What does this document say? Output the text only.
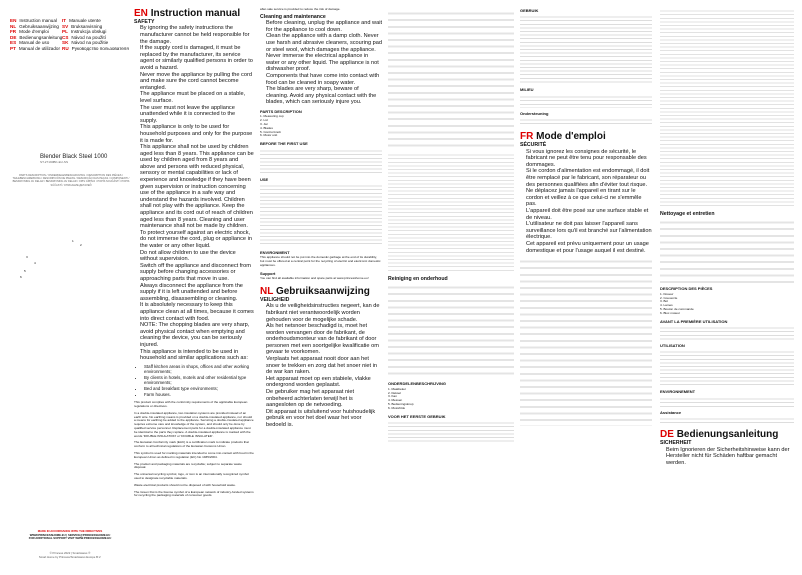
EN Instruction manual IT Manuale utente
NL Gebruiksaanwijzing SV Bruksanvisning
FR Mode d'emploi	PL Instrukcja obsługi
DE Bedienungsanleitung CS Návod na použití
ES Manual de uso	SK Návod na použitie
PT Manual de utilizador RU Руководство пользователя
Blender Black Steel 1000
ST-27190BK-EU-SS
PARTS DESCRIPTION / ONDERDELENBESCHRIJVING / DESCRIPTION DES PIÈCES / TEILEBESCHREIBUNG / DESCRIPCIÓN DE PIEZAS / DESCRIÇÃO DAS PEÇAS / COMPONENTI / BESKRIVNING AV DELAR / BESKRIVNING AV DELAR / OPIS CZĘŚCI / POPIS SOUČÁSTÍ / POPIS SÚČASTÍ / ОПИСАНИЕ ДЕТАЛЕЙ
1
2
3
4
5
6
MADE IN ACCORDANCE WITH THE DIRECTIVES
WWW.PRINCESSHOME.EU | SERVICE@PRINCESSHOME.EU
FOR ADDITIONAL SUPPORT VISIT WWW.PRINCESSHOME.EU
© Princess 2022 | Smartwares ®
Smart Home by Princess/Smartwares Europe B.V.
EN Instruction manual
SAFETY
• By ignoring the safety instructions the manufacturer cannot be held responsible for the damage.
• If the supply cord is damaged, it must be replaced by the manufacturer, its service agent or similarly qualified persons in order to avoid a hazard.
• Never move the appliance by pulling the cord and make sure the cord cannot become entangled.
• The appliance must be placed on a stable, level surface.
• The user must not leave the appliance unattended while it is connected to the supply.
• This appliance is only to be used for household purposes and only for the purpose it is made for.
• This appliance shall not be used by children aged less than 8 years. This appliance can be used by children aged from 8 years and above and persons with reduced physical, sensory or mental capabilities or lack of experience and knowledge if they have been given supervision or instruction concerning use of the appliance in a safe way and understand the hazards involved. Children shall not play with the appliance. Keep the appliance and its cord out of reach of children aged less than 8 years. Cleaning and user maintenance shall not be made by children.
• To protect yourself against an electric shock, do not immerse the cord, plug or appliance in the water or any other liquid.
• Do not allow children to use the device without supervision.
• Switch off the appliance and disconnect from supply before changing accessories or approaching parts that move in use.
• Always disconnect the appliance from the supply if it is left unattended and before assembling, disassembling or cleaning.
• It is absolutely necessary to keep this appliance clean at all times, because it comes into direct contact with food.
• NOTE: The chopping blades are very sharp, avoid physical contact when emptying and cleaning the device, you can be seriously injured.
• This appliance is intended to be used in household and similar applications such as:
• Staff kitchen areas in shops, offices and other working environments;
• By clients in hotels, motels and other residential type environments;
• Bed and breakfast type environments;
• Farm houses.
This product complies with the conformity requirements of the applicable European regulations or directives.
In a double-insulated appliance, two insulation systems are provided instead of an earth wire. No earthing means is provided on a double-insulated appliance, nor should a means for earthing be added to the appliance. Servicing a double-insulated appliance requires extreme care and knowledge of the system, and should only be done by qualified service personnel. Replacement parts for a double-insulated appliance must be identical to the parts they replace. A double-insulated appliance is marked with the words 'DOUBLE INSULATION' or 'DOUBLE INSULATED'.
The Eurasian Conformity mark (EAC) is a certification mark to indicate products that conform to all technical regulations of the Eurasian Customs Union.
This symbol is used for marking materials intended to come into contact with food in the European Union as defined in regulation (EC) No 1935/2004.
The product and packaging materials are recyclable; subject to separate waste disposal.
The universal recycling symbol, logo, or icon is an internationally recognized symbol used to designate recyclable materials.
Waste electrical products should not be disposed of with household waste.
The Green Dot is the license symbol of a European network of industry-funded systems for recycling the packaging materials of consumer goods.
after-sale service is provided to reduce the risk of damage.
Cleaning and maintenance
• Before cleaning, unplug the appliance and wait for the appliance to cool down.
• Clean the appliance with a damp cloth. Never use harsh and abrasive cleaners, scouring pad or steel wool, which damages the appliance.
• Never immerse the electrical appliance in water or any other liquid. The appliance is not dishwasher proof.
• Components that have come into contact with food can be cleaned in soapy water.
• The blades are very sharp, beware of cleaning. Avoid any physical contact with the blades, which can seriously injure you.
PARTS DESCRIPTION
1. Measuring cup
2. Lid
3. Jar
4. Blades
5. Control knob
6. Motor unit
BEFORE THE FIRST USE
USE
ENVIRONMENT
This appliance should not be put into the domestic garbage at the end of its durability, but must be offered at a central point for the recycling of electric and electronic domestic appliances.
Support
You can find all available information and spare parts at www.princesshome.eu!
NL Gebruiksaanwijzing
VEILIGHEID
• Als u de veiligheidsinstructies negeert, kan de fabrikant niet verantwoordelijk worden gehouden voor de mogelijke schade.
• Als het netsnoer beschadigd is, moet het worden vervangen door de fabrikant, de onderhoudsmonteur van de fabrikant of door personen met een soortgelijke kwalificatie om gevaar te voorkomen.
• Verplaats het apparaat nooit door aan het snoer te trekken en zorg dat het snoer niet in de war kan raken.
• Het apparaat moet op een stabiele, vlakke ondergrond worden geplaatst.
• De gebruiker mag het apparaat niet onbeheerd achterlaten terwijl het is aangesloten op de netvoeding.
• Dit apparaat is uitsluitend voor huishoudelijk gebruik en voor het doel waar het voor bedoeld is.
Reiniging en onderhoud
ONDERDELENBESCHRIJVING
1. Maatbeker
2. Deksel
3. Kan
4. Messen
5. Bedieningsknop
6. Motorblok
VOOR HET EERSTE GEBRUIK
GEBRUIK
MILIEU
Ondersteuning
FR Mode d'emploi
SÉCURITÉ
• Si vous ignorez les consignes de sécurité, le fabricant ne peut être tenu pour responsable des dommages.
• Si le cordon d'alimentation est endommagé, il doit être remplacé par le fabricant, son réparateur ou des personnes qualifiées afin d'éviter tout risque.
• Ne déplacez jamais l'appareil en tirant sur le cordon et veillez à ce que celui-ci ne s'emmêle pas.
• L'appareil doit être posé sur une surface stable et de niveau.
• L'utilisateur ne doit pas laisser l'appareil sans surveillance lors qu'il est branché sur l'alimentation électrique.
• Cet appareil est prévu uniquement pour un usage domestique et pour l'usage auquel il est destiné.
Nettoyage et entretien
DESCRIPTION DES PIÈCES
1. Doseur
2. Couvercle
3. Bol
4. Lames
5. Bouton de commande
6. Bloc moteur
AVANT LA PREMIÈRE UTILISATION
UTILISATION
ENVIRONNEMENT
Assistance
DE Bedienungsanleitung
SICHERHEIT
• Beim Ignorieren der Sicherheitshinweise kann der Hersteller nicht für Schäden haftbar gemacht werden.
